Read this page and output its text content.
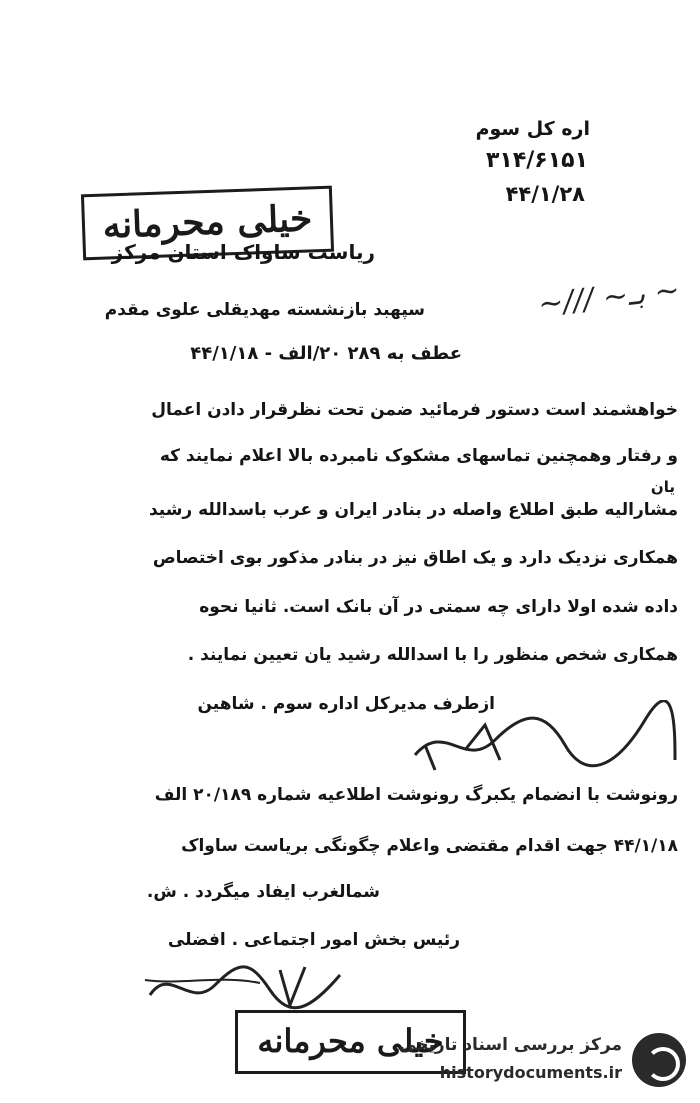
اره کل سوم
۳۱۴/۶۱۵۱
۴۴/۱/۲۸
خیلی محرمانه
ریاست ساواک استان مرکز
~ بـ~ ///~
سپهبد بازنشسته مهدیقلی علوی مقدم
عطف به ۲۸۹ ۲۰/الف - ۴۴/۱/۱۸
خواهشمند است دستور فرمائید ضمن تحت نظرقرار دادن اعمال
و رفتار وهمچنین تماسهای مشکوک نامبرده بالا اعلام نمایند که
یان
مشارالیه طبق اطلاع واصله در بنادر ایران و عرب باسدالله رشید
همکاری نزدیک دارد و یک اطاق نیز در بنادر مذکور بوی اختصاص
داده شده اولا دارای چه سمتی در آن بانک است. ثانیا نحوه
همکاری شخص منظور را با اسدالله رشید یان تعیین نمایند .
ازطرف مدیرکل اداره سوم . شاهین
رونوشت با انضمام یکبرگ رونوشت اطلاعیه شماره ۲۰/۱۸۹ الف
۴۴/۱/۱۸ جهت اقدام مقتضی واعلام چگونگی بریاست ساواک
شمالغرب ایفاد میگردد . ش.
رئیس بخش امور اجتماعی . افضلی
خیلی محرمانه
مرکز بررسی اسناد تاریخی
historydocuments.ir
